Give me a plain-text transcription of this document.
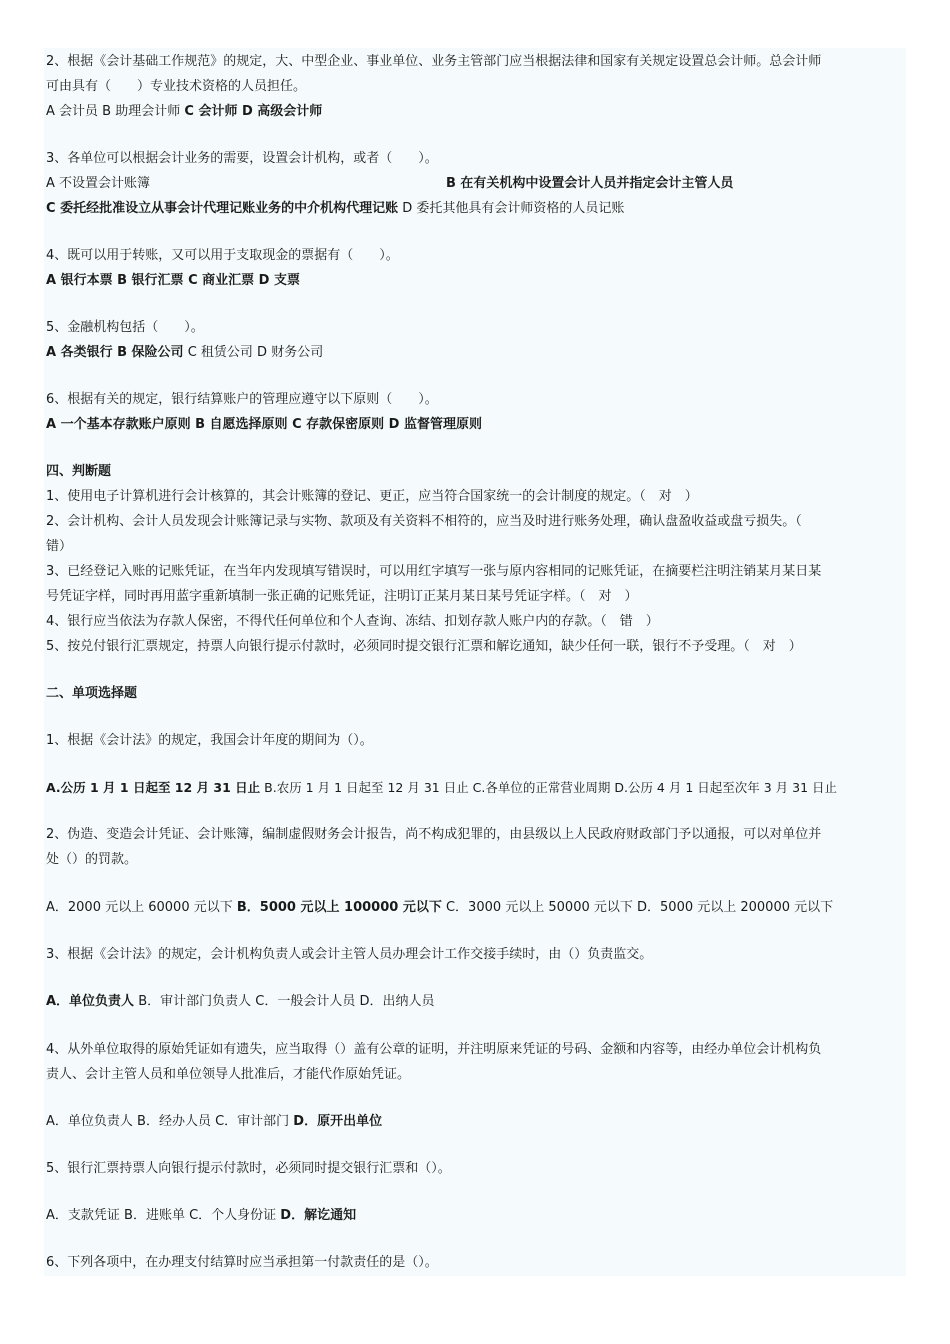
2、根据《会计基础工作规范》的规定，大、中型企业、事业单位、业务主管部门应当根据法律和国家有关规定设置总会计师。总会计师
可由具有（　　）专业技术资格的人员担任。
A 会计员 B 助理会计师 C 会计师 D 高级会计师
3、各单位可以根据会计业务的需要，设置会计机构，或者（　　）。
A 不设置会计账簿	B 在有关机构中设置会计人员并指定会计主管人员
C 委托经批准设立从事会计代理记账业务的中介机构代理记账 D 委托其他具有会计师资格的人员记账
4、既可以用于转账，又可以用于支取现金的票据有（　　）。
A 银行本票 B 银行汇票 C 商业汇票 D 支票
5、金融机构包括（　　）。
A 各类银行 B 保险公司 C 租赁公司 D 财务公司
6、根据有关的规定，银行结算账户的管理应遵守以下原则（　　）。
A 一个基本存款账户原则 B 自愿选择原则 C 存款保密原则 D 监督管理原则
四、判断题
1、使用电子计算机进行会计核算的，其会计账簿的登记、更正，应当符合国家统一的会计制度的规定。（　对　）
2、会计机构、会计人员发现会计账簿记录与实物、款项及有关资料不相符的，应当及时进行账务处理，确认盘盈收益或盘亏损失。（
错）
3、已经登记入账的记账凭证，在当年内发现填写错误时，可以用红字填写一张与原内容相同的记账凭证，在摘要栏注明注销某月某日某
号凭证字样，同时再用蓝字重新填制一张正确的记账凭证，注明订正某月某日某号凭证字样。（　对　）
4、银行应当依法为存款人保密，不得代任何单位和个人查询、冻结、扣划存款人账户内的存款。（　错　）
5、按兑付银行汇票规定，持票人向银行提示付款时，必须同时提交银行汇票和解讫通知，缺少任何一联，银行不予受理。（　对　）
二、单项选择题
1、根据《会计法》的规定，我国会计年度的期间为（）。
A.公历 1 月 1 日起至 12 月 31 日止 B.农历 1 月 1 日起至 12 月 31 日止 C.各单位的正常营业周期 D.公历 4 月 1 日起至次年 3 月 31 日止
2、伪造、变造会计凭证、会计账簿，编制虚假财务会计报告，尚不构成犯罪的，由县级以上人民政府财政部门予以通报，可以对单位并
处（）的罚款。
A．2000 元以上 60000 元以下 B．5000 元以上 100000 元以下 C．3000 元以上 50000 元以下 D．5000 元以上 200000 元以下
3、根据《会计法》的规定，会计机构负责人或会计主管人员办理会计工作交接手续时，由（）负责监交。
A．单位负责人 B．审计部门负责人 C．一般会计人员 D．出纳人员
4、从外单位取得的原始凭证如有遗失，应当取得（）盖有公章的证明，并注明原来凭证的号码、金额和内容等，由经办单位会计机构负
责人、会计主管人员和单位领导人批准后，才能代作原始凭证。
A．单位负责人 B．经办人员 C．审计部门 D．原开出单位
5、银行汇票持票人向银行提示付款时，必须同时提交银行汇票和（）。
A．支款凭证 B．进账单 C．个人身份证 D．解讫通知
6、下列各项中，在办理支付结算时应当承担第一付款责任的是（）。
